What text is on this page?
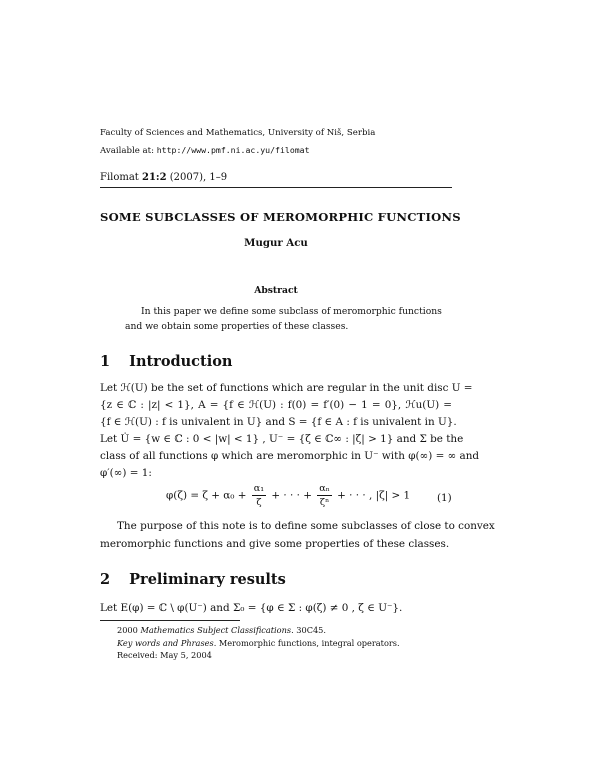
Faculty of Sciences and Mathematics, University of Niš, Serbia
Available at: http://www.pmf.ni.ac.yu/filomat
Filomat 21:2 (2007), 1–9
SOME SUBCLASSES OF MEROMORPHIC FUNCTIONS
Mugur Acu
Abstract
In this paper we define some subclass of meromorphic functions
and we obtain some properties of these classes.
1 Introduction
Let ℋ(U) be the set of functions which are regular in the unit disc U =
{z ∈ ℂ : |z| < 1}, A = {f ∈ ℋ(U) : f(0) = f′(0) − 1 = 0}, ℋu(U) =
{f ∈ ℋ(U) : f is univalent in U} and S = {f ∈ A : f is univalent in U}.
Let U̇ = {w ∈ ℂ : 0 < |w| < 1} , U⁻ = {ζ ∈ ℂ∞ : |ζ| > 1} and Σ be the
class of all functions φ which are meromorphic in U⁻ with φ(∞) = ∞ and
φ′(∞) = 1:
$\varphi(\zeta) = \zeta + \alpha_0 + \frac{\text{α₁}}{\zeta}$ + · · · + $\frac{\text{αₙ}}{\text{ζⁿ}}$ + · · · , |ζ| > 1	(1)
The purpose of this note is to define some subclasses of close to convex
meromorphic functions and give some properties of these classes.
2 Preliminary results
Let E(φ) = ℂ \ φ(U⁻) and Σ₀ = {φ ∈ Σ : φ(ζ) ≠ 0 , ζ ∈ U⁻}.
2000 Mathematics Subject Classifications. 30C45.
Key words and Phrases. Meromorphic functions, integral operators.
Received: May 5, 2004
